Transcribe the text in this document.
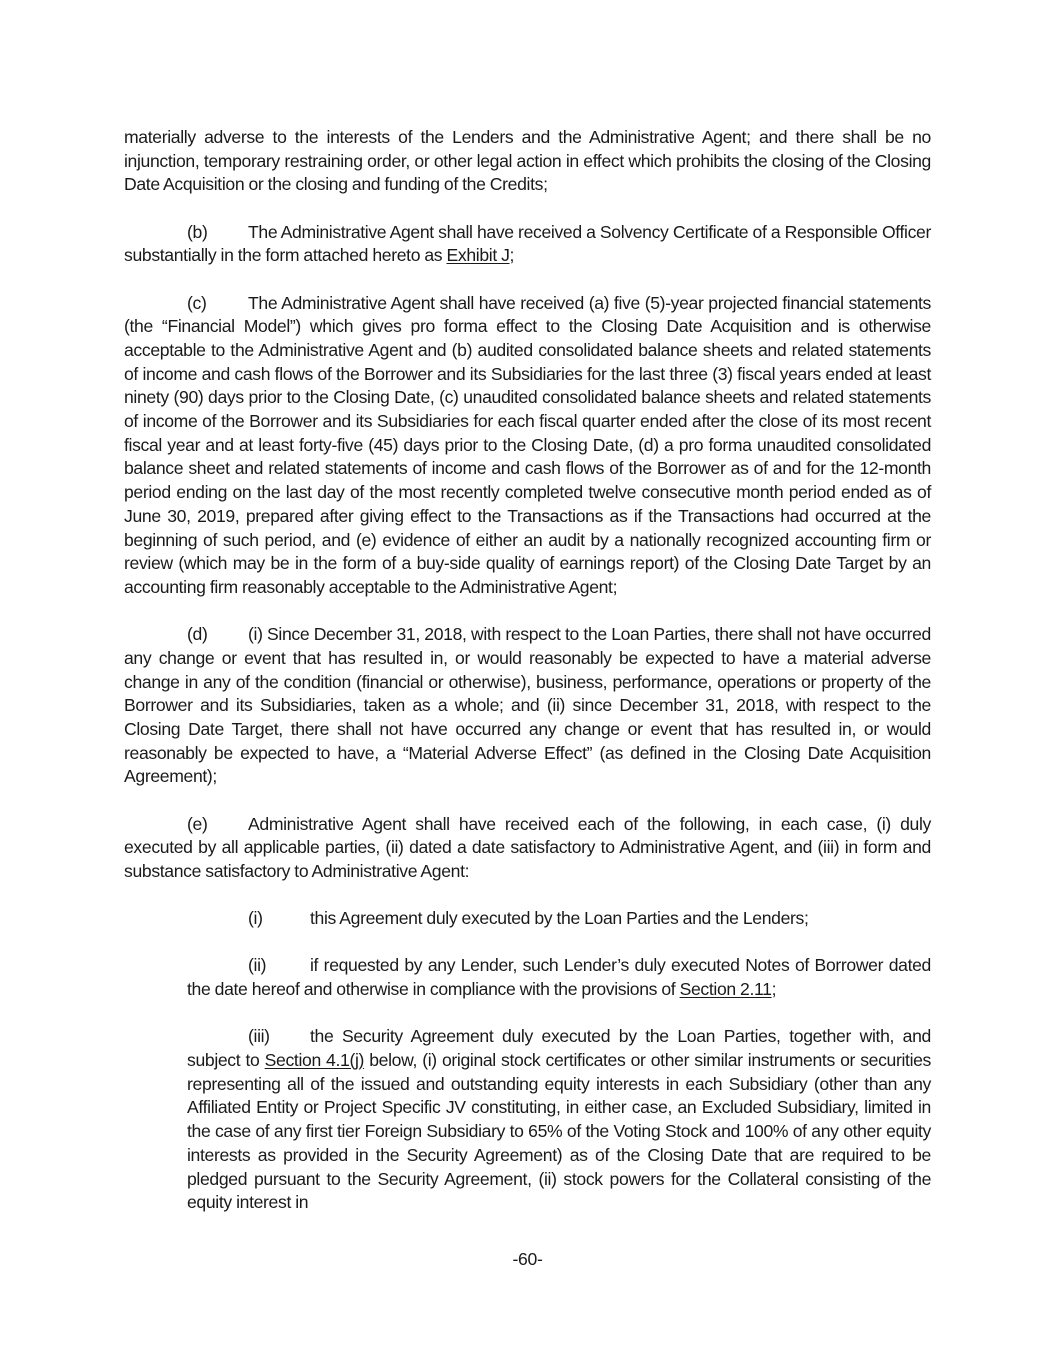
materially adverse to the interests of the Lenders and the Administrative Agent; and there shall be no injunction, temporary restraining order, or other legal action in effect which prohibits the closing of the Closing Date Acquisition or the closing and funding of the Credits;

(b) The Administrative Agent shall have received a Solvency Certificate of a Responsible Officer substantially in the form attached hereto as Exhibit J;

(c) The Administrative Agent shall have received (a) five (5)-year projected financial statements (the “Financial Model”) which gives pro forma effect to the Closing Date Acquisition and is otherwise acceptable to the Administrative Agent and (b) audited consolidated balance sheets and related statements of income and cash flows of the Borrower and its Subsidiaries for the last three (3) fiscal years ended at least ninety (90) days prior to the Closing Date, (c) unaudited consolidated balance sheets and related statements of income of the Borrower and its Subsidiaries for each fiscal quarter ended after the close of its most recent fiscal year and at least forty-five (45) days prior to the Closing Date, (d) a pro forma unaudited consolidated balance sheet and related statements of income and cash flows of the Borrower as of and for the 12-month period ending on the last day of the most recently completed twelve consecutive month period ended as of June 30, 2019, prepared after giving effect to the Transactions as if the Transactions had occurred at the beginning of such period, and (e) evidence of either an audit by a nationally recognized accounting firm or review (which may be in the form of a buy-side quality of earnings report) of the Closing Date Target by an accounting firm reasonably acceptable to the Administrative Agent;

(d) (i) Since December 31, 2018, with respect to the Loan Parties, there shall not have occurred any change or event that has resulted in, or would reasonably be expected to have a material adverse change in any of the condition (financial or otherwise), business, performance, operations or property of the Borrower and its Subsidiaries, taken as a whole; and (ii) since December 31, 2018, with respect to the Closing Date Target, there shall not have occurred any change or event that has resulted in, or would reasonably be expected to have, a “Material Adverse Effect” (as defined in the Closing Date Acquisition Agreement);

(e) Administrative Agent shall have received each of the following, in each case, (i) duly executed by all applicable parties, (ii) dated a date satisfactory to Administrative Agent, and (iii) in form and substance satisfactory to Administrative Agent:

(i)	this Agreement duly executed by the Loan Parties and the Lenders;

(ii) if requested by any Lender, such Lender’s duly executed Notes of Borrower dated the date hereof and otherwise in compliance with the provisions of Section 2.11;

(iii) the Security Agreement duly executed by the Loan Parties, together with, and subject to Section 4.1(j) below, (i) original stock certificates or other similar instruments or securities representing all of the issued and outstanding equity interests in each Subsidiary (other than any Affiliated Entity or Project Specific JV constituting, in either case, an Excluded Subsidiary, limited in the case of any first tier Foreign Subsidiary to 65% of the Voting Stock and 100% of any other equity interests as provided in the Security Agreement) as of the Closing Date that are required to be pledged pursuant to the Security Agreement, (ii) stock powers for the Collateral consisting of the equity interest in

-60-
